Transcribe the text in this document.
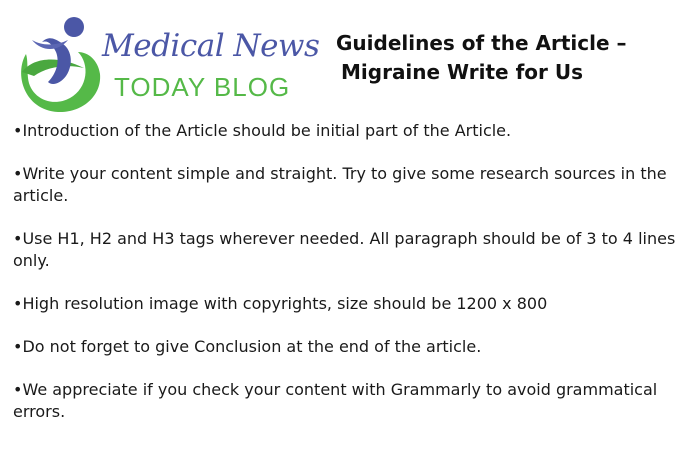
Medical News
TODAY BLOG
Guidelines of the Article –
Migraine Write for Us
•Introduction of the Article should be initial part of the Article.
•Write your content simple and straight. Try to give some research sources in the article.
•Use H1, H2 and H3 tags wherever needed. All paragraph should be of 3 to 4 lines only.
•High resolution image with copyrights, size should be 1200 x 800
•Do not forget to give Conclusion at the end of the article.
•We appreciate if you check your content with Grammarly to avoid grammatical errors.
